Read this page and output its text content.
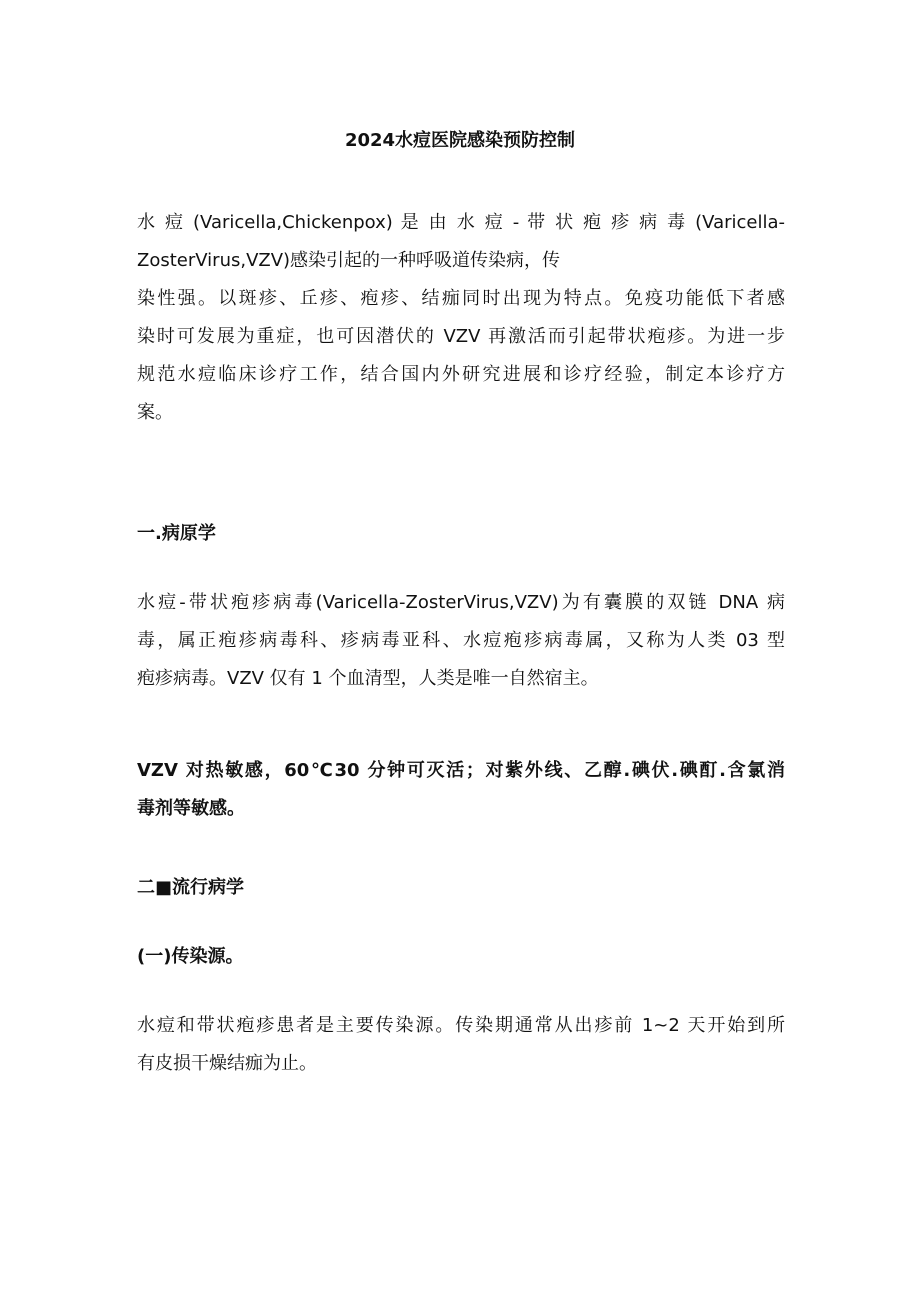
2024水痘医院感染预防控制
水 痘 (Varicella,Chickenpox) 是 由 水 痘 - 带 状 疱 疹 病 毒 (Varicella-
ZosterVirus,VZV)感染引起的一种呼吸道传染病，传
染性强。以斑疹、丘疹、疱疹、结痂同时出现为特点。免疫功能低下者感
染时可发展为重症，也可因潜伏的 VZV 再激活而引起带状疱疹。为进一步
规范水痘临床诊疗工作，结合国内外研究进展和诊疗经验，制定本诊疗方
案。
一.病原学
水痘-带状疱疹病毒(Varicella-ZosterVirus,VZV)为有囊膜的双链 DNA 病
毒，属正疱疹病毒科、疹病毒亚科、水痘疱疹病毒属，又称为人类 03 型
疱疹病毒。VZV 仅有 1 个血清型，人类是唯一自然宿主。
VZV 对热敏感，60℃30 分钟可灭活；对紫外线、乙醇.碘伏.碘酊.含氯消
毒剂等敏感。
二■流行病学
(一)传染源。
水痘和带状疱疹患者是主要传染源。传染期通常从出疹前 1~2 天开始到所
有皮损干燥结痂为止。
